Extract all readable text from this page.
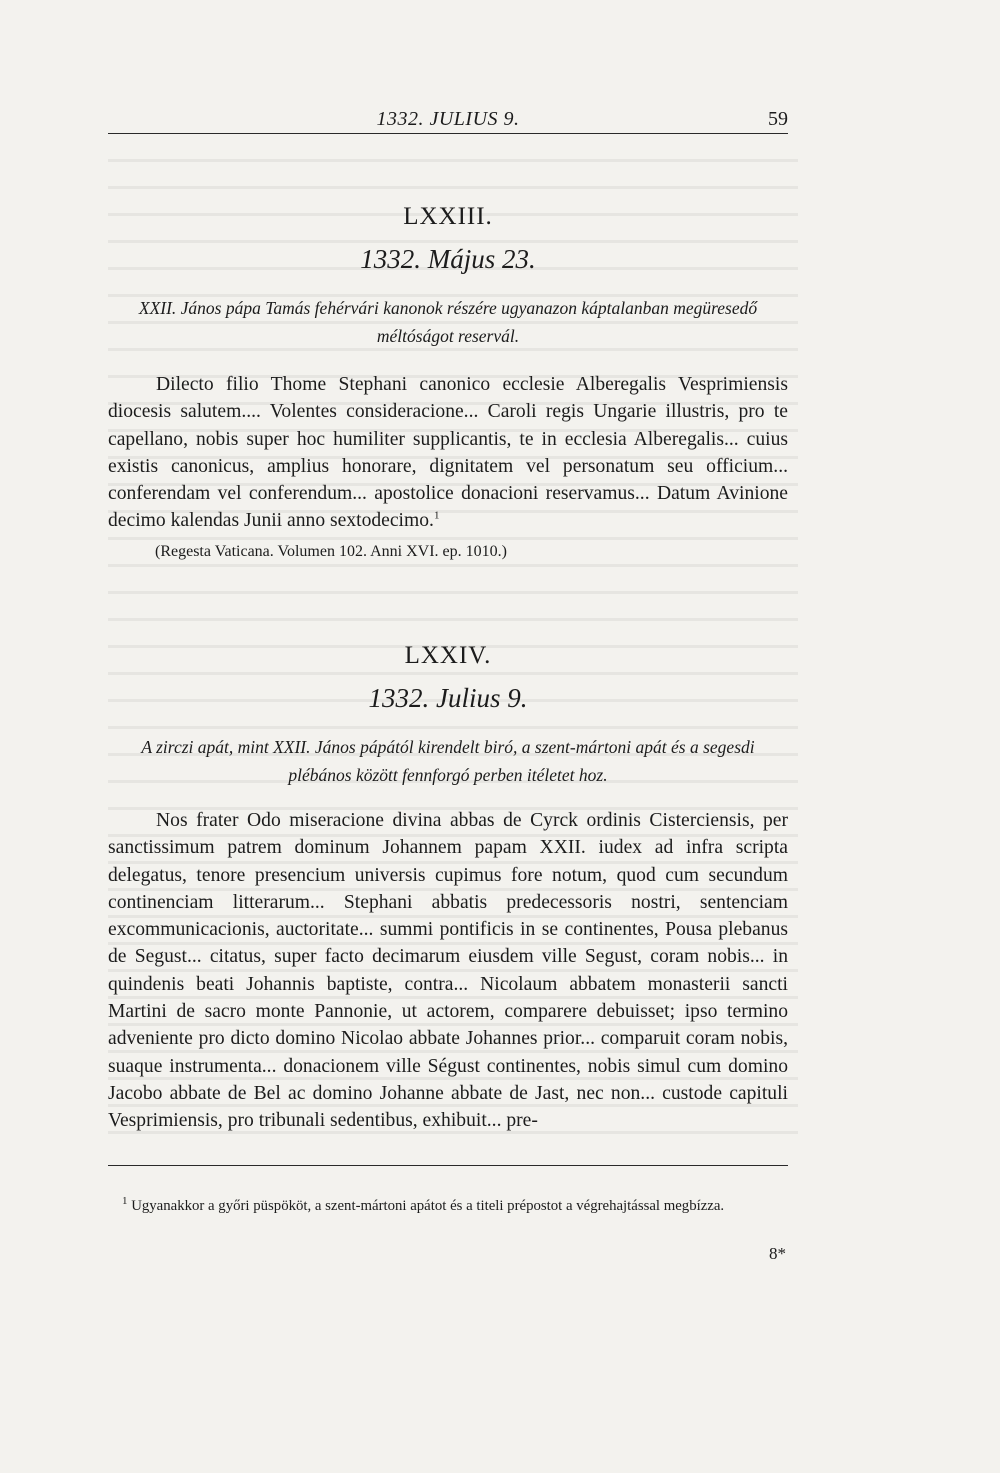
1332. JULIUS 9.	59
LXXIII.
1332. Május 23.
XXII. János pápa Tamás fehérvári kanonok részére ugyanazon káptalanban megüresedő
méltóságot reservál.

Dilecto filio Thome Stephani canonico ecclesie Alberegalis Vesprimiensis diocesis salutem.... Volentes consideracione... Caroli regis Ungarie illustris, pro te capellano, nobis super hoc humiliter supplicantis, te in ecclesia Alberegalis... cuius existis canonicus, amplius honorare, dignitatem vel personatum seu officium... conferendam vel conferendum... apostolice donacioni reservamus... Datum Avinione decimo kalendas Junii anno sextodecimo.$^1$

(Regesta Vaticana. Volumen 102. Anni XVI. ep. 1010.)
LXXIV.
1332. Julius 9.
A zirczi apát, mint XXII. János pápától kirendelt biró, a szent-mártoni apát és a segesdi
plébános között fennforgó perben itéletet hoz.

Nos frater Odo miseracione divina abbas de Cyrck ordinis Cisterciensis, per sanctissimum patrem dominum Johannem papam XXII. iudex ad infra scripta delegatus, tenore presencium universis cupimus fore notum, quod cum secundum continenciam litterarum... Stephani abbatis predecessoris nostri, sentenciam excommunicacionis, auctoritate... summi pontificis in se continentes, Pousa plebanus de Segust... citatus, super facto decimarum eiusdem ville Segust, coram nobis... in quindenis beati Johannis baptiste, contra... Nicolaum abbatem monasterii sancti Martini de sacro monte Pannonie, ut actorem, comparere debuisset; ipso termino adveniente pro dicto domino Nicolao abbate Johannes prior... comparuit coram nobis, suaque instrumenta... donacionem ville Ségust continentes, nobis simul cum domino Jacobo abbate de Bel ac domino Johanne abbate de Jast, nec non... custode capituli Vesprimiensis, pro tribunali sedentibus, exhibuit... pre-

$^1$ Ugyanakkor a győri püspököt, a szent-mártoni apátot és a titeli prépostot a végrehajtással megbízza.
8*
